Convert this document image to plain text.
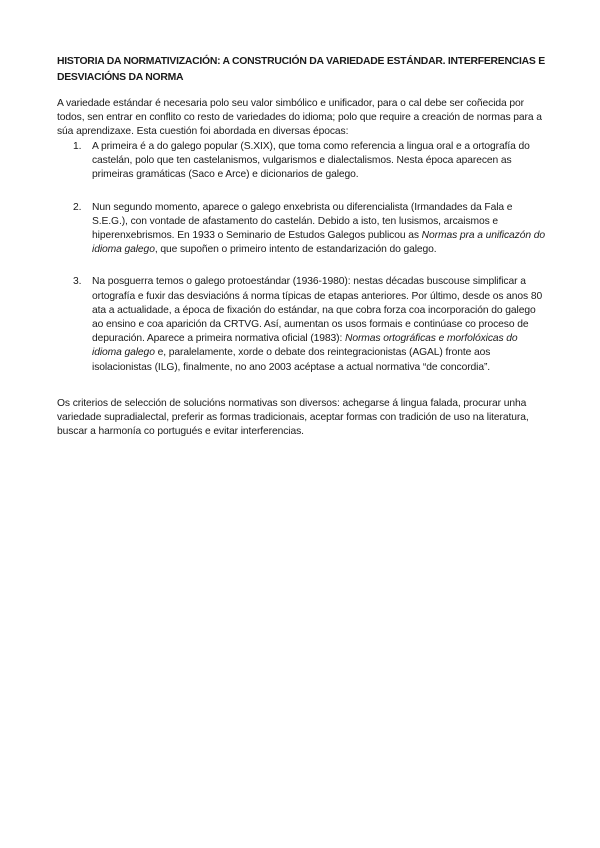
HISTORIA DA NORMATIVIZACIÓN: A CONSTRUCIÓN DA VARIEDADE ESTÁNDAR. INTERFERENCIAS E DESVIACIÓNS DA NORMA

A variedade estándar é necesaria polo seu valor simbólico e unificador, para o cal debe ser coñecida por todos, sen entrar en conflito co resto de variedades do idioma; polo que require a creación de normas para a súa aprendizaxe. Esta cuestión foi abordada en diversas épocas:

1. A primeira é a do galego popular (S.XIX), que toma como referencia a lingua oral e a ortografía do castelán, polo que ten castelanismos, vulgarismos e dialectalismos. Nesta época aparecen as primeiras gramáticas (Saco e Arce) e dicionarios de galego.
2. Nun segundo momento, aparece o galego enxebrista ou diferencialista (Irmandades da Fala e S.E.G.), con vontade de afastamento do castelán. Debido a isto, ten lusismos, arcaismos e hiperenxebrismos. En 1933 o Seminario de Estudos Galegos publicou as Normas pra a unificazón do idioma galego, que supoñen o primeiro intento de estandarización do galego.
3. Na posguerra temos o galego protoestándar (1936-1980): nestas décadas buscouse simplificar a ortografía e fuxir das desviacións á norma típicas de etapas anteriores. Por último, desde os anos 80 ata a actualidade, a época de fixación do estándar, na que cobra forza coa incorporación do galego ao ensino e coa aparición da CRTVG. Así, aumentan os usos formais e continúase co proceso de depuración. Aparece a primeira normativa oficial (1983): Normas ortográficas e morfolóxicas do idioma galego e, paralelamente, xorde o debate dos reintegracionistas (AGAL) fronte aos isolacionistas (ILG), finalmente, no ano 2003 acéptase a actual normativa “de concordia”.

Os criterios de selección de solucións normativas son diversos: achegarse á lingua falada, procurar unha variedade supradialectal, preferir as formas tradicionais, aceptar formas con tradición de uso na literatura, buscar a harmonía co portugués e evitar interferencias.
